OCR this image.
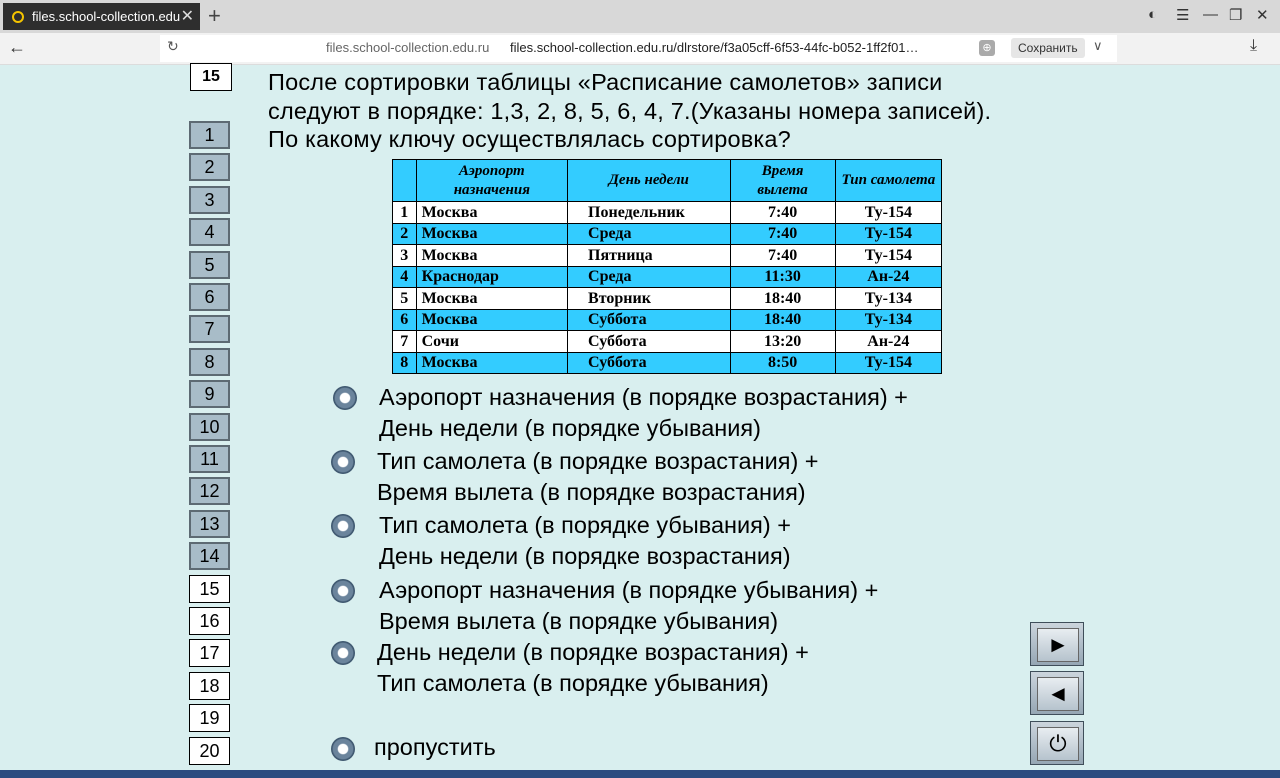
files.school-collection.edu ✕ +	◐ ☰ — ❐ ✕
←	↻	files.school-collection.edu.ru files.school-collection.edu.ru/dlrstore/f3a05cff-6f53-44fc-b052-1ff2f01…	⊕	Сохранить	∨	⤓
15
1
2
3
4
5
6
7
8
9
10
11
12
13
14
15
16
17
18
19
20
После сортировки таблицы «Расписание самолетов» записи
следуют в порядке: 1,3, 2, 8, 5, 6, 4, 7.(Указаны номера записей).
По какому ключу осуществлялась сортировка?
	Аэропорт назначения	День недели	Время вылета	Тип самолета
1	Москва	Понедельник	7:40	Ту-154
2	Москва	Среда	7:40	Ту-154
3	Москва	Пятница	7:40	Ту-154
4	Краснодар	Среда	11:30	Ан-24
5	Москва	Вторник	18:40	Ту-134
6	Москва	Суббота	18:40	Ту-134
7	Сочи	Суббота	13:20	Ан-24
8	Москва	Суббота	8:50	Ту-154
Аэропорт назначения (в порядке возрастания) +
День недели (в порядке убывания)
Тип самолета (в порядке возрастания) +
Время вылета (в порядке возрастания)
Тип самолета (в порядке убывания) +
День недели (в порядке возрастания)
Аэропорт назначения (в порядке убывания) +
Время вылета (в порядке убывания)
День недели (в порядке возрастания) +
Тип самолета (в порядке убывания)
пропустить
►
◄
⏻
